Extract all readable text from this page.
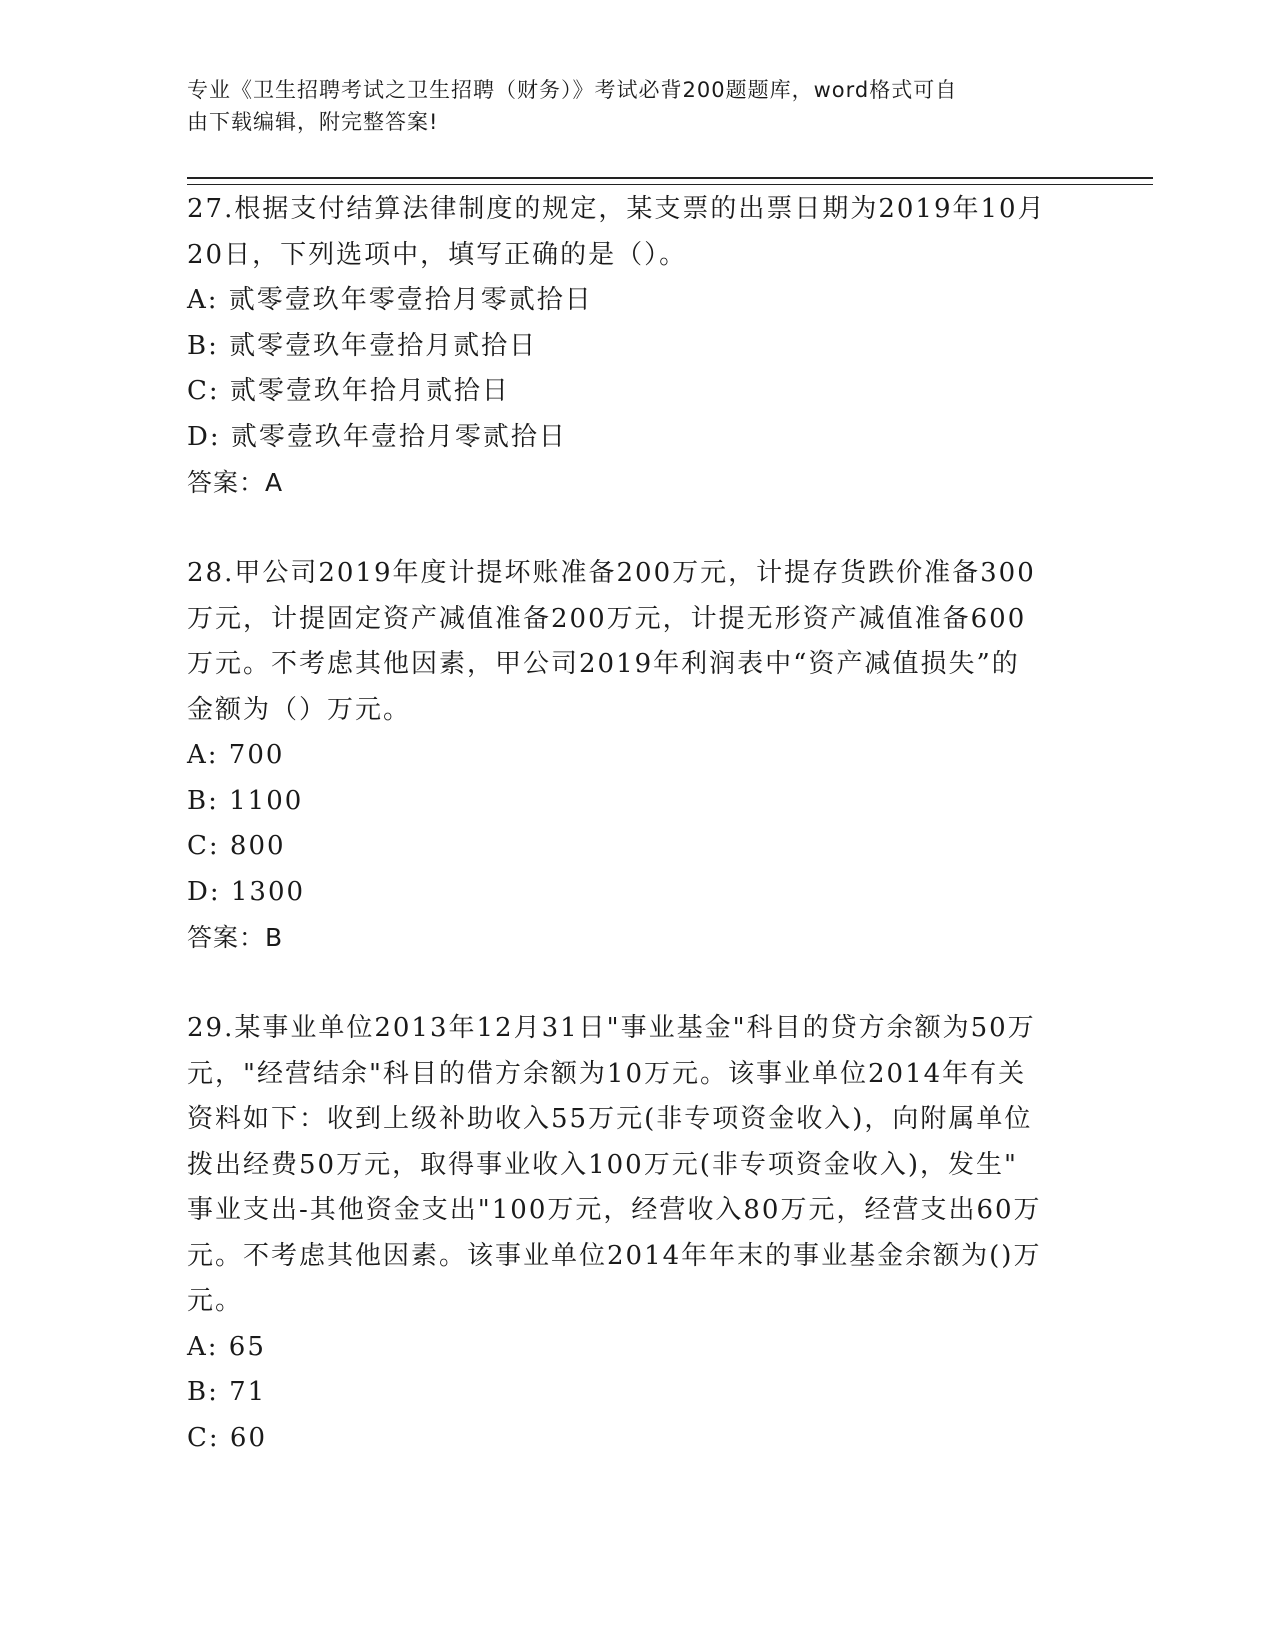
专业《卫生招聘考试之卫生招聘（财务）》考试必背200题题库，word格式可自
由下载编辑，附完整答案!
27.根据支付结算法律制度的规定，某支票的出票日期为2019年10月
20日，下列选项中，填写正确的是（）。
A: 贰零壹玖年零壹拾月零贰拾日
B: 贰零壹玖年壹拾月贰拾日
C: 贰零壹玖年拾月贰拾日
D: 贰零壹玖年壹拾月零贰拾日
答案：A
28.甲公司2019年度计提坏账准备200万元，计提存货跌价准备300
万元，计提固定资产减值准备200万元，计提无形资产减值准备600
万元。不考虑其他因素，甲公司2019年利润表中“资产减值损失”的
金额为（）万元。
A: 700
B: 1100
C: 800
D: 1300
答案：B
29.某事业单位2013年12月31日"事业基金"科目的贷方余额为50万
元，"经营结余"科目的借方余额为10万元。该事业单位2014年有关
资料如下：收到上级补助收入55万元(非专项资金收入)，向附属单位
拨出经费50万元，取得事业收入100万元(非专项资金收入)，发生"
事业支出-其他资金支出"100万元，经营收入80万元，经营支出60万
元。不考虑其他因素。该事业单位2014年年末的事业基金余额为()万
元。
A: 65
B: 71
C: 60
